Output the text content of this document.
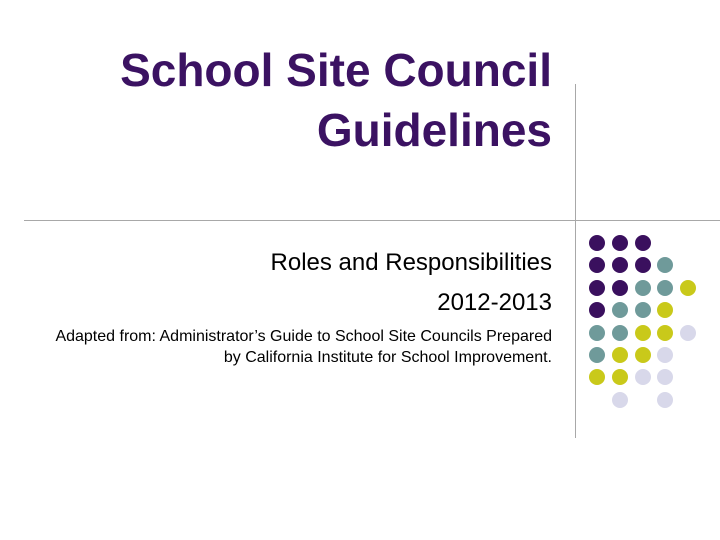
School Site Council
Guidelines
Roles and Responsibilities
2012-2013
Adapted from: Administrator’s Guide to School Site Councils Prepared by California Institute for School Improvement.
